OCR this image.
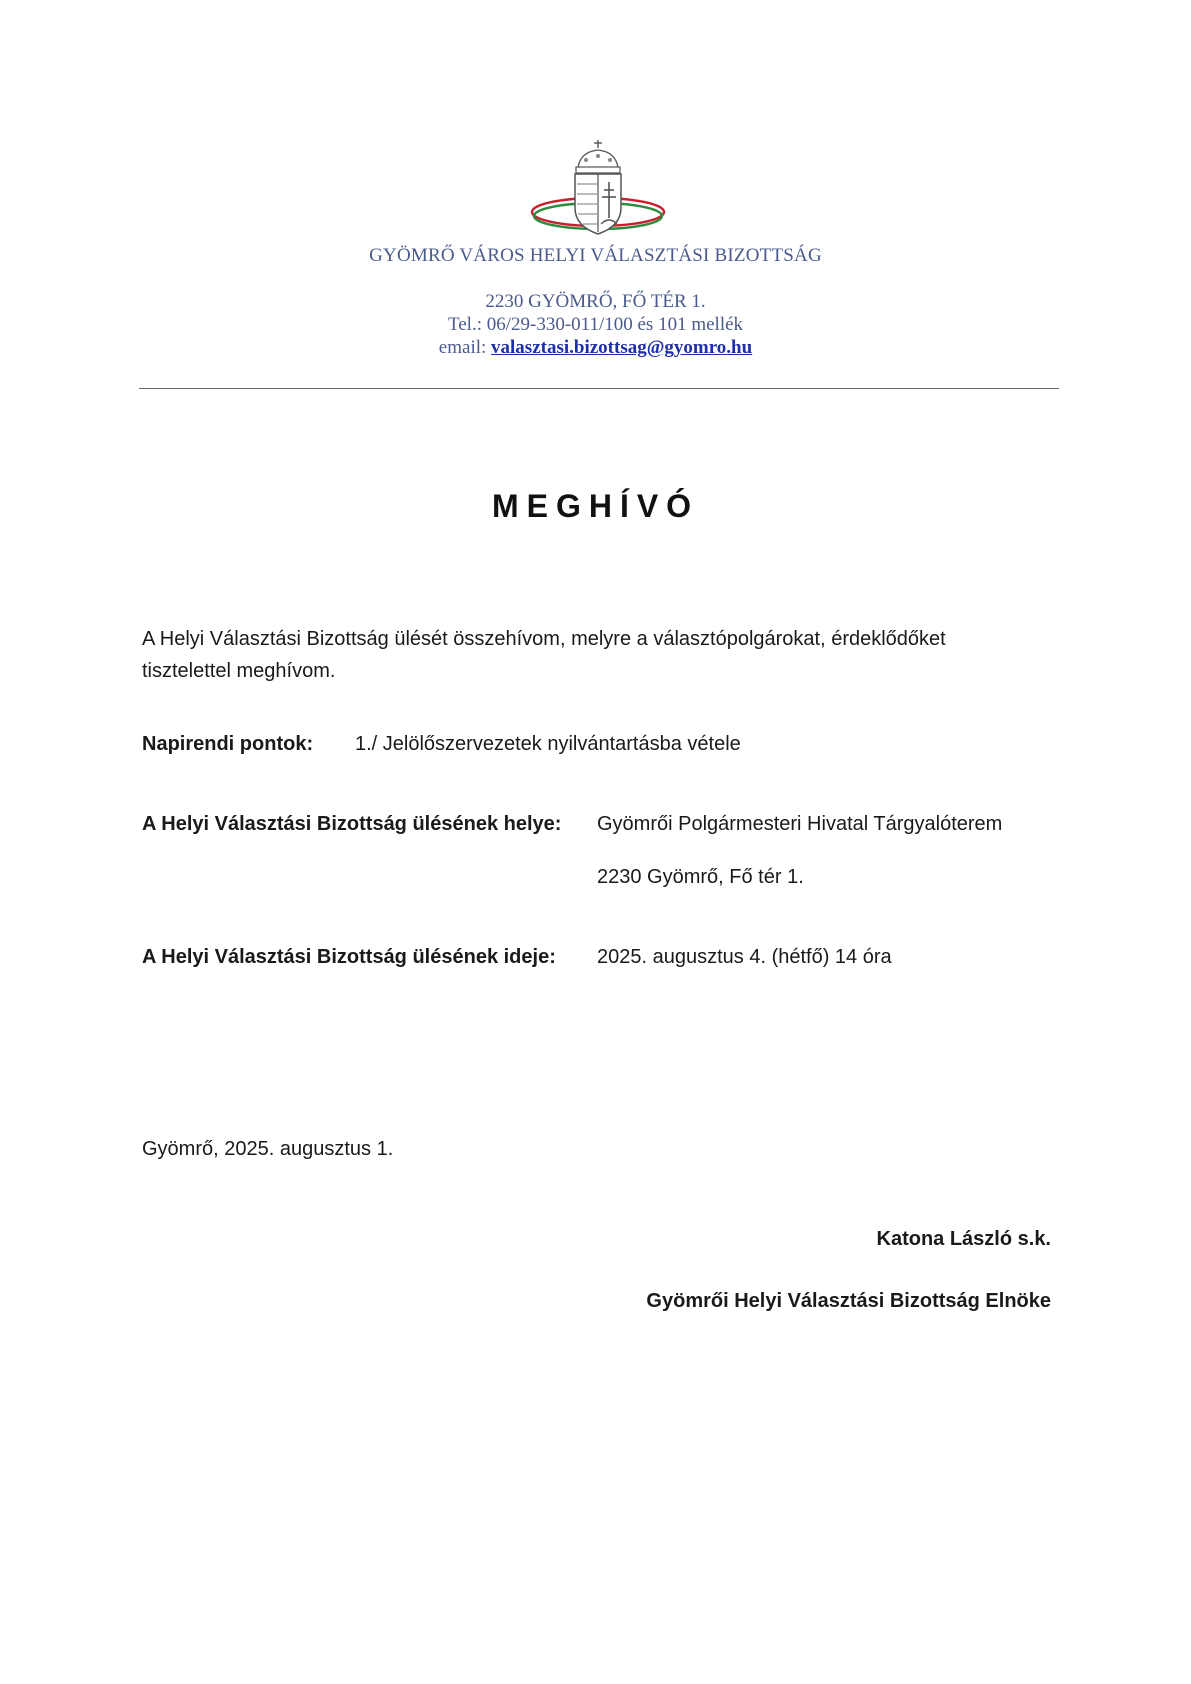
GYÖMRŐ VÁROS HELYI VÁLASZTÁSI BIZOTTSÁG
2230 GYÖMRŐ, FŐ TÉR 1.
Tel.: 06/29-330-011/100 és 101 mellék
email: valasztasi.bizottsag@gyomro.hu
MEGHÍVÓ
A Helyi Választási Bizottság ülését összehívom, melyre a választópolgárokat, érdeklődőket
tisztelettel meghívom.
Napirendi pontok: 1./ Jelölőszervezetek nyilvántartásba vétele
A Helyi Választási Bizottság ülésének helye: Gyömrői Polgármesteri Hivatal Tárgyalóterem
2230 Gyömrő, Fő tér 1.
A Helyi Választási Bizottság ülésének ideje: 2025. augusztus 4. (hétfő) 14 óra
Gyömrő, 2025. augusztus 1.
Katona László s.k.
Gyömrői Helyi Választási Bizottság Elnöke
